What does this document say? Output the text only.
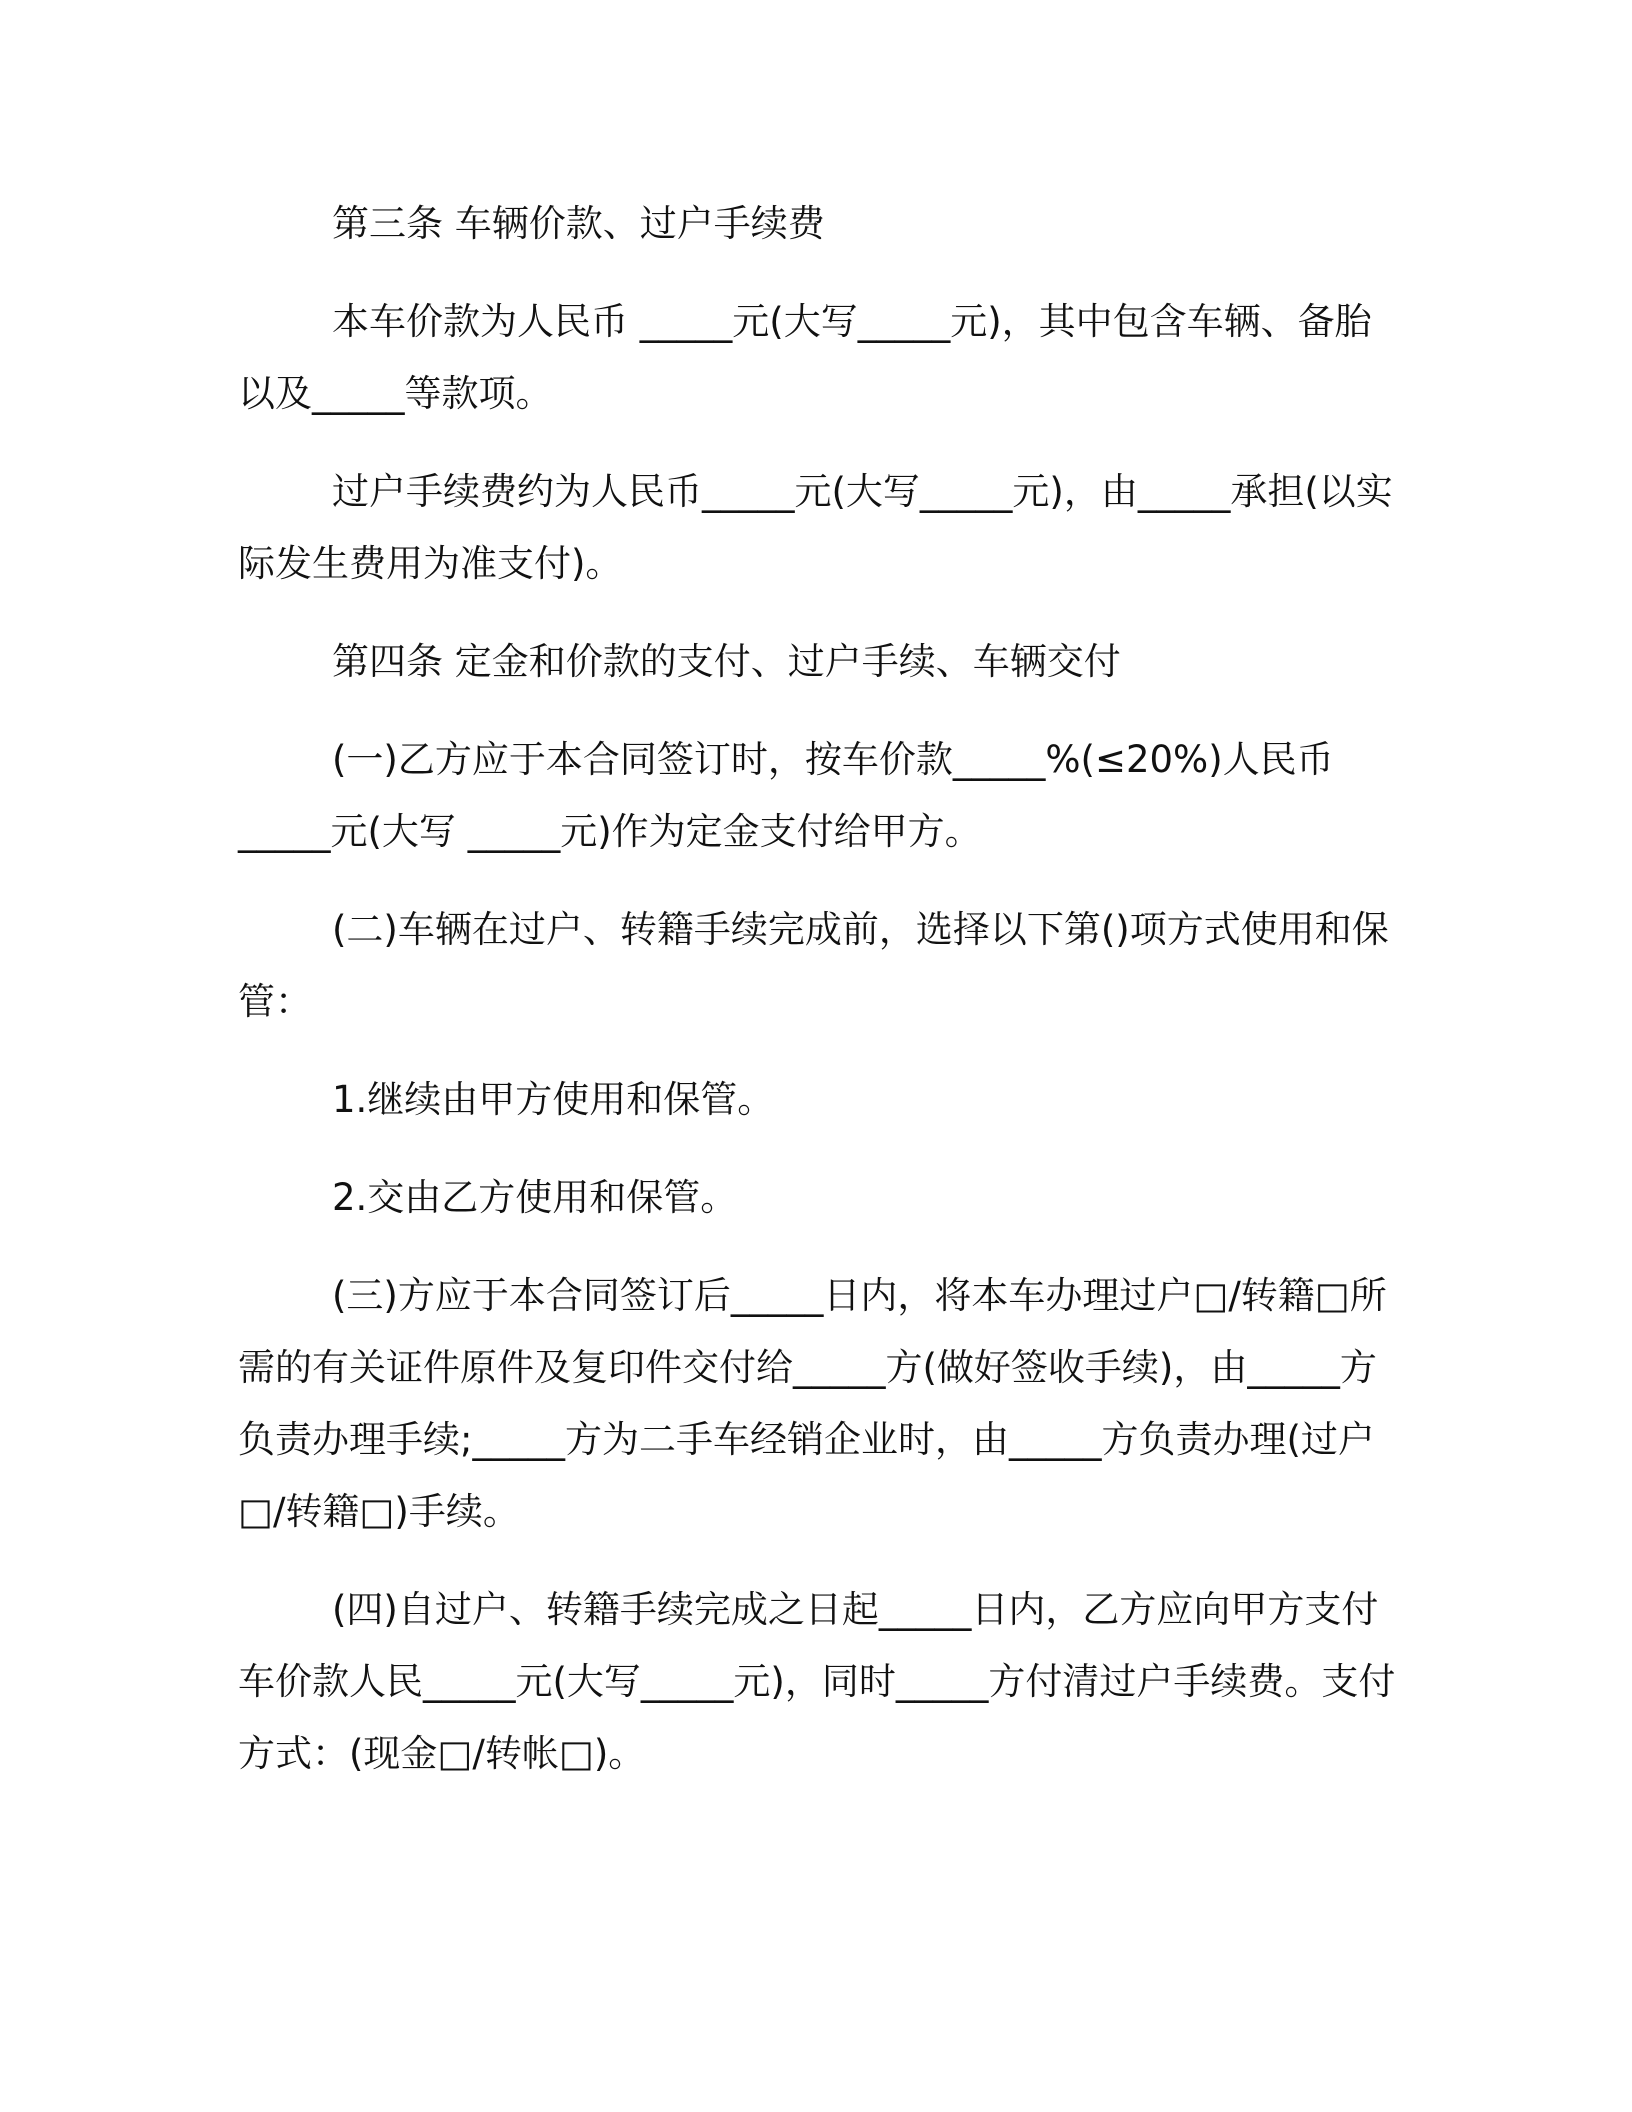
第三条 车辆价款、过户手续费

本车价款为人民币 _____元(大写_____元)，其中包含车辆、备胎以及_____等款项。

过户手续费约为人民币_____元(大写_____元)，由_____承担(以实际发生费用为准支付)。

第四条 定金和价款的支付、过户手续、车辆交付

(一)乙方应于本合同签订时，按车价款_____%(≤20%)人民币_____元(大写 _____元)作为定金支付给甲方。

(二)车辆在过户、转籍手续完成前，选择以下第()项方式使用和保管：

1.继续由甲方使用和保管。

2.交由乙方使用和保管。

(三)方应于本合同签订后_____日内，将本车办理过户□/转籍□所需的有关证件原件及复印件交付给_____方(做好签收手续)，由_____方负责办理手续;_____方为二手车经销企业时，由_____方负责办理(过户□/转籍□)手续。

(四)自过户、转籍手续完成之日起_____日内，乙方应向甲方支付车价款人民_____元(大写_____元)，同时_____方付清过户手续费。支付方式：(现金□/转帐□)。
